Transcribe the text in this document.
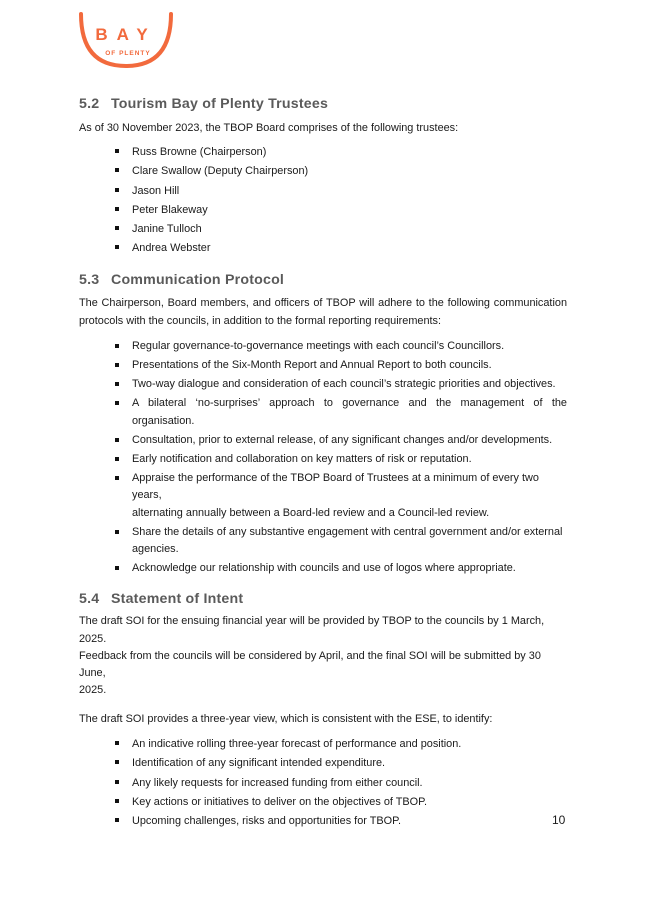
BAY
OF PLENTY
5.2 Tourism Bay of Plenty Trustees

As of 30 November 2023, the TBOP Board comprises of the following trustees:

Russ Browne (Chairperson)
Clare Swallow (Deputy Chairperson)
Jason Hill
Peter Blakeway
Janine Tulloch
Andrea Webster
5.3 Communication Protocol

The Chairperson, Board members, and officers of TBOP will adhere to the following communication
protocols with the councils, in addition to the formal reporting requirements:

Regular governance-to-governance meetings with each council’s Councillors.
Presentations of the Six-Month Report and Annual Report to both councils.
Two-way dialogue and consideration of each council’s strategic priorities and objectives.
A bilateral ‘no-surprises’ approach to governance and the management of the
organisation.
Consultation, prior to external release, of any significant changes and/or developments.
Early notification and collaboration on key matters of risk or reputation.
Appraise the performance of the TBOP Board of Trustees at a minimum of every two years,
alternating annually between a Board-led review and a Council-led review.
Share the details of any substantive engagement with central government and/or external
agencies.
Acknowledge our relationship with councils and use of logos where appropriate.
5.4 Statement of Intent

The draft SOI for the ensuing financial year will be provided by TBOP to the councils by 1 March, 2025.
Feedback from the councils will be considered by April, and the final SOI will be submitted by 30 June,
2025.

The draft SOI provides a three-year view, which is consistent with the ESE, to identify:

An indicative rolling three-year forecast of performance and position.
Identification of any significant intended expenditure.
Any likely requests for increased funding from either council.
Key actions or initiatives to deliver on the objectives of TBOP.
Upcoming challenges, risks and opportunities for TBOP.	10
